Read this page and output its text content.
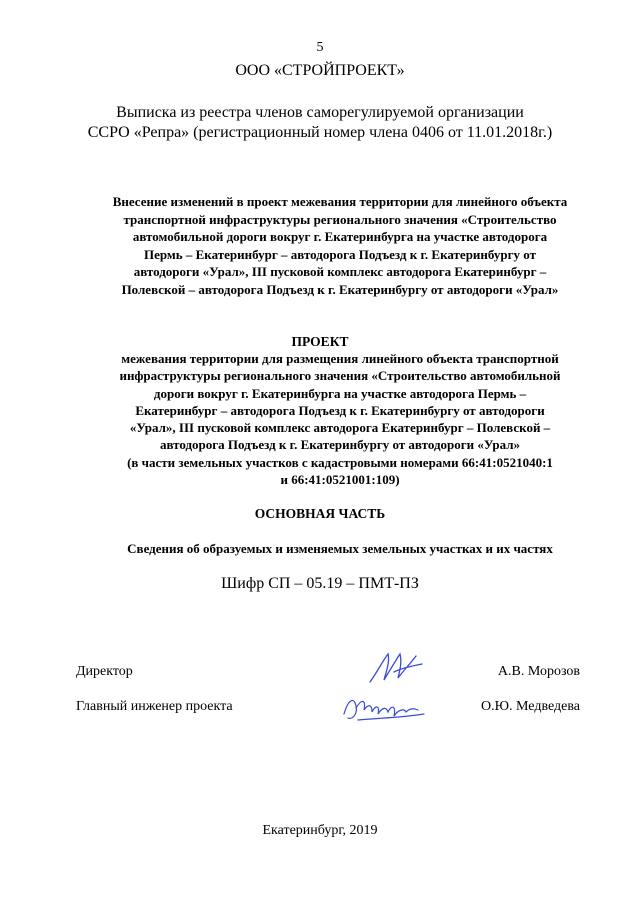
5
ООО «СТРОЙПРОЕКТ»
Выписка из реестра членов саморегулируемой организации
ССРО «Репра» (регистрационный номер члена 0406 от 11.01.2018г.)
Внесение изменений в проект межевания территории для линейного объекта
транспортной инфраструктуры регионального значения «Строительство
автомобильной дороги вокруг г. Екатеринбурга на участке автодорога
Пермь – Екатеринбург – автодорога Подъезд к г. Екатеринбургу от
автодороги «Урал», III пусковой комплекс автодорога Екатеринбург –
Полевской – автодорога Подъезд к г. Екатеринбургу от автодороги «Урал»
ПРОЕКТ
межевания территории для размещения линейного объекта транспортной
инфраструктуры регионального значения «Строительство автомобильной
дороги вокруг г. Екатеринбурга на участке автодорога Пермь –
Екатеринбург – автодорога Подъезд к г. Екатеринбургу от автодороги
«Урал», III пусковой комплекс автодорога Екатеринбург – Полевской –
автодорога Подъезд к г. Екатеринбургу от автодороги «Урал»
(в части земельных участков с кадастровыми номерами 66:41:0521040:1
и 66:41:0521001:109)
ОСНОВНАЯ ЧАСТЬ
Сведения об образуемых и изменяемых земельных участках и их частях
Шифр СП – 05.19 – ПМТ-ПЗ
Директор	А.В. Морозов
Главный инженер проекта	О.Ю. Медведева
Екатеринбург, 2019
